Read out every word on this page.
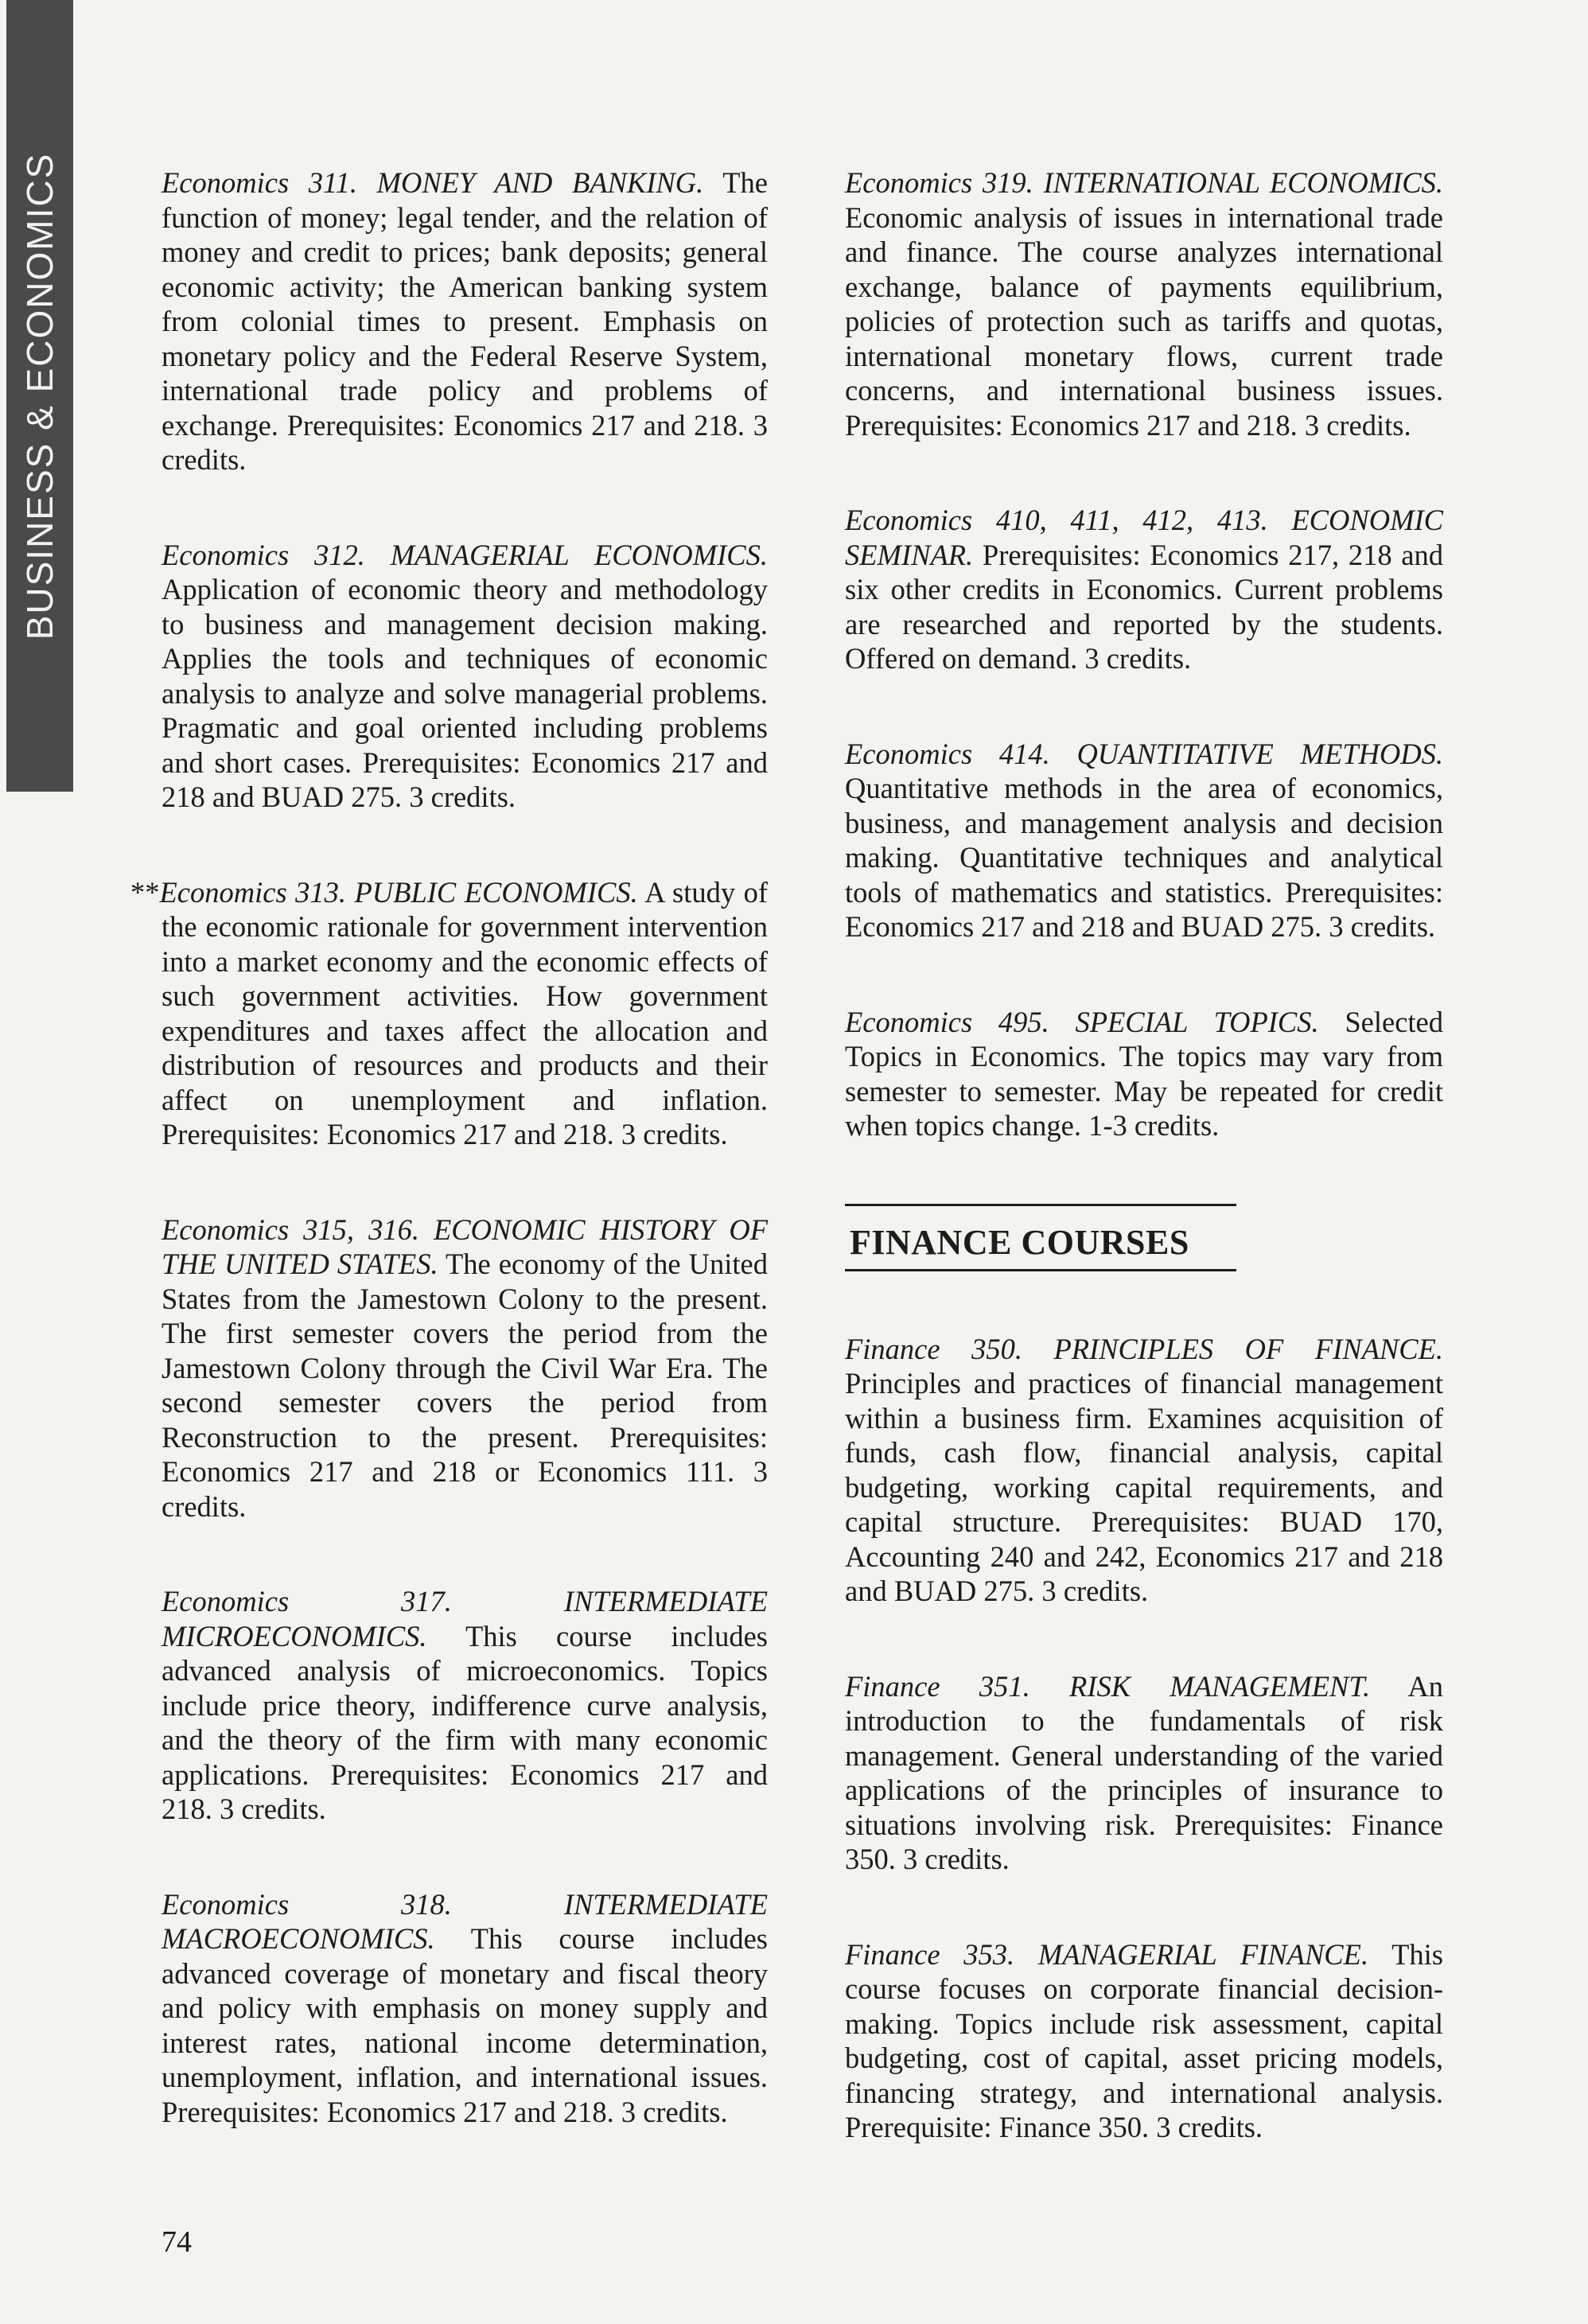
BUSINESS & ECONOMICS	Economics 311. MONEY AND BANKING. The function of money; legal tender, and the relation of money and credit to prices; bank deposits; general economic activity; the American banking system from colonial times to present. Emphasis on monetary policy and the Federal Reserve System, international trade policy and problems of exchange. Prerequisites: Economics 217 and 218. 3 credits.

Economics 312. MANAGERIAL ECONOMICS. Application of economic theory and methodology to business and management decision making. Applies the tools and techniques of economic analysis to analyze and solve managerial problems. Pragmatic and goal oriented including problems and short cases. Prerequisites: Economics 217 and 218 and BUAD 275. 3 credits.

**Economics 313. PUBLIC ECONOMICS. A study of the economic rationale for government intervention into a market economy and the economic effects of such government activities. How government expenditures and taxes affect the allocation and distribution of resources and products and their affect on unemployment and inflation. Prerequisites: Economics 217 and 218. 3 credits.

Economics 315, 316. ECONOMIC HISTORY OF THE UNITED STATES. The economy of the United States from the Jamestown Colony to the present. The first semester covers the period from the Jamestown Colony through the Civil War Era. The second semester covers the period from Reconstruction to the present. Prerequisites: Economics 217 and 218 or Economics 111. 3 credits.

Economics 317.	INTERMEDIATE MICROECONOMICS. This course includes advanced analysis of microeconomics. Topics include price theory, indifference curve analysis, and the theory of the firm with many economic applications. Prerequisites: Economics 217 and 218. 3 credits.

Economics 318.	INTERMEDIATE MACROECONOMICS. This course includes advanced coverage of monetary and fiscal theory and policy with emphasis on money supply and interest rates, national income determination, unemployment, inflation, and international issues. Prerequisites: Economics 217 and 218. 3 credits.

Economics 319. INTERNATIONAL ECONOMICS. Economic analysis of issues in international trade and finance. The course analyzes international exchange, balance of payments equilibrium, policies of protection such as tariffs and quotas, international monetary flows, current trade concerns, and international business issues. Prerequisites: Economics 217 and 218. 3 credits.

Economics 410, 411, 412, 413. ECONOMIC SEMINAR. Prerequisites: Economics 217, 218 and six other credits in Economics. Current problems are researched and reported by the students. Offered on demand. 3 credits.

Economics 414. QUANTITATIVE METHODS. Quantitative methods in the area of economics, business, and management analysis and decision making. Quantitative techniques and analytical tools of mathematics and statistics. Prerequisites: Economics 217 and 218 and BUAD 275. 3 credits.

Economics 495. SPECIAL TOPICS. Selected Topics in Economics. The topics may vary from semester to semester. May be repeated for credit when topics change. 1-3 credits.

FINANCE COURSES

Finance 350. PRINCIPLES OF FINANCE. Principles and practices of financial management within a business firm. Examines acquisition of funds, cash flow, financial analysis, capital budgeting, working capital requirements, and capital structure. Prerequisites: BUAD 170, Accounting 240 and 242, Economics 217 and 218 and BUAD 275. 3 credits.

Finance 351. RISK MANAGEMENT. An introduction to the fundamentals of risk management. General understanding of the varied applications of the principles of insurance to situations involving risk. Prerequisites: Finance 350. 3 credits.

Finance 353. MANAGERIAL FINANCE. This course focuses on corporate financial decision-making. Topics include risk assessment, capital budgeting, cost of capital, asset pricing models, financing strategy, and international analysis. Prerequisite: Finance 350. 3 credits.

74
